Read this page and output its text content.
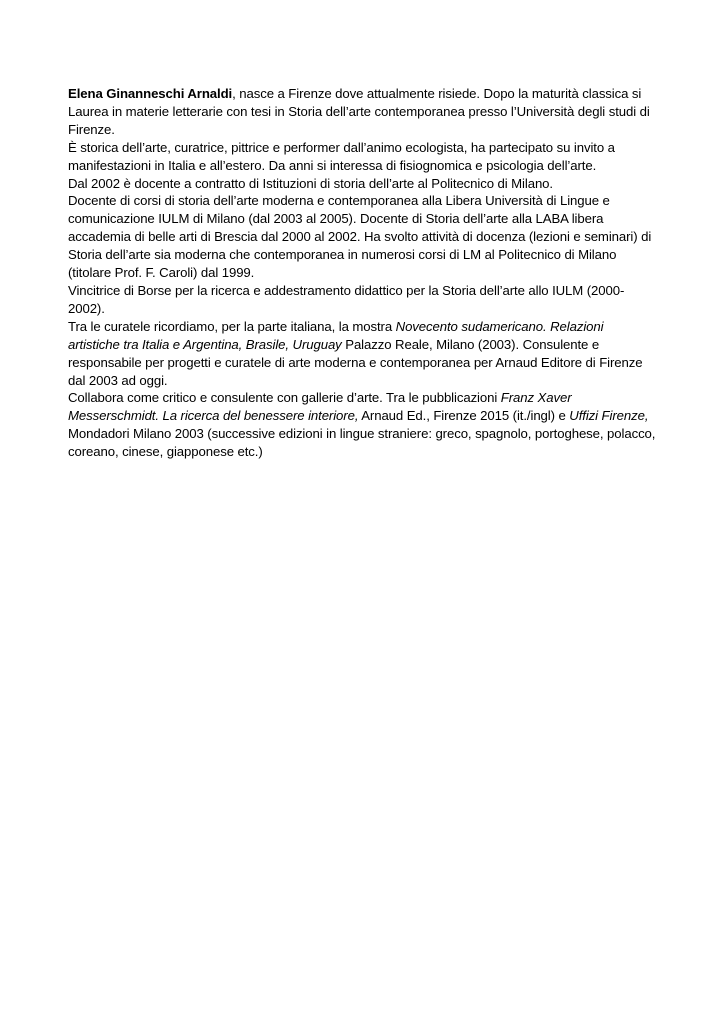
Elena Ginanneschi Arnaldi, nasce a Firenze dove attualmente risiede. Dopo la maturità classica si Laurea in materie letterarie con tesi in Storia dell’arte contemporanea presso l’Università degli studi di Firenze.

È storica dell’arte, curatrice, pittrice e performer dall’animo ecologista, ha partecipato su invito a manifestazioni in Italia e all’estero. Da anni si interessa di fisiognomica e psicologia dell’arte.

Dal 2002 è docente a contratto di Istituzioni di storia dell’arte al Politecnico di Milano.

Docente di corsi di storia dell’arte moderna e contemporanea alla Libera Università di Lingue e comunicazione IULM di Milano (dal 2003 al 2005). Docente di Storia dell’arte alla LABA libera accademia di belle arti di Brescia dal 2000 al 2002. Ha svolto attività di docenza (lezioni e seminari) di Storia dell’arte sia moderna che contemporanea in numerosi corsi di LM al Politecnico di Milano (titolare Prof. F. Caroli) dal 1999.

Vincitrice di Borse per la ricerca e addestramento didattico per la Storia dell’arte allo IULM (2000-2002).

Tra le curatele ricordiamo, per la parte italiana, la mostra Novecento sudamericano. Relazioni artistiche tra Italia e Argentina, Brasile, Uruguay Palazzo Reale, Milano (2003). Consulente e responsabile per progetti e curatele di arte moderna e contemporanea per Arnaud Editore di Firenze dal 2003 ad oggi.

Collabora come critico e consulente con gallerie d’arte. Tra le pubblicazioni Franz Xaver Messerschmidt. La ricerca del benessere interiore, Arnaud Ed., Firenze 2015 (it./ingl) e Uffizi Firenze, Mondadori Milano 2003 (successive edizioni in lingue straniere: greco, spagnolo, portoghese, polacco, coreano, cinese, giapponese etc.)
